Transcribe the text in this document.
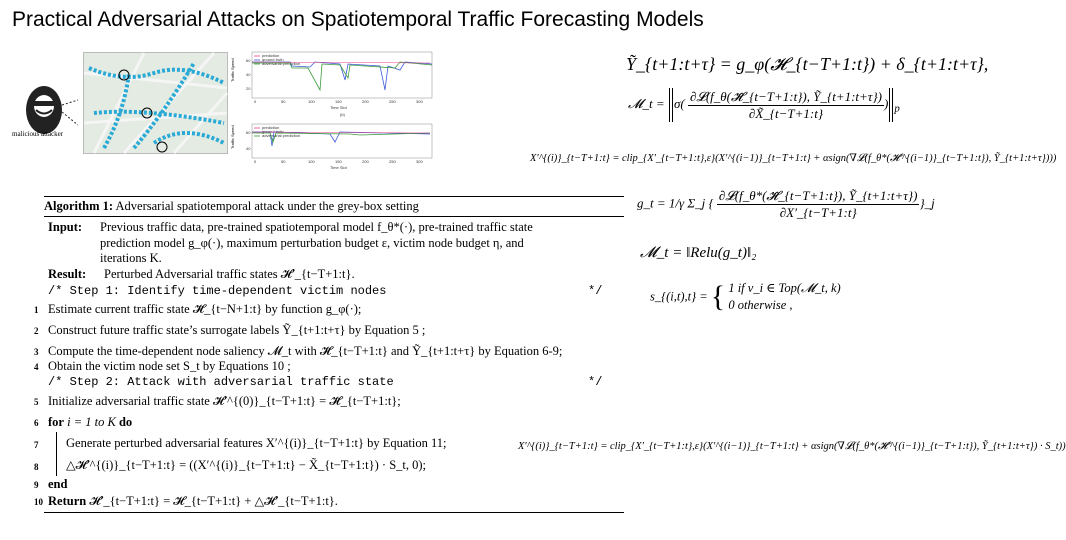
Practical Adversarial Attacks on Spatiotemporal Traffic Forecasting Models
malicious attacker
Traffic Speed
20
40
60
0	50	100	150	200	250	300
Time Slot
(b)
prediction
ground truth
adversarial prediction
Traffic Speed	40
60
0	50	100	150	200	250	300
Time Slot
prediction
ground truth
adversarial prediction
Ỹ_{t+1:t+τ} = g_φ(𝓗_{t−T+1:t}) + δ_{t+1:t+τ},
𝓜_t = $\sigma( \frac{\text{∂𝓛(f\_θ(𝓗̃\_\{t−T+1:t\}), Ỹ\_\{t+1:t+τ\})}}{\partial X̃\_\{t-T+1:t\}}$ ) $_p$
X′^{(i)}_{t−T+1:t} = clip_{X′_{t−T+1:t},ε}(X′^{(i−1)}_{t−T+1:t} + αsign(∇𝓛(f_θ*(𝓗′^{(i−1)}_{t−T+1:t}), Ỹ_{t+1:t+τ})))
g_t = 1/γ Σ_j { $\frac{\text{∂𝓛(f\_θ*(𝓗̃\_\{t−T+1:t\}), Ỹ\_\{t+1:t+τ\})}}{\partial X'\_\{t-T+1:t\}}$ }_j
𝓜_t = ‖Relu(g_t)‖₂
s_{(i,t),t} = { 1 if v_i ∈ Top(𝓜_t, k)
0 otherwise ,
X′^{(i)}_{t−T+1:t} = clip_{X′_{t−T+1:t},ε}(X′^{(i−1)}_{t−T+1:t} + αsign(∇𝓛(f_θ*(𝓗′^{(i−1)}_{t−T+1:t}), Ỹ_{t+1:t+τ}) · S_t))
Algorithm 1: Adversarial spatiotemporal attack under the grey-box setting
Input: Previous traffic data, pre-trained spatiotemporal model f_θ*(·), pre-trained traffic state
prediction model g_φ(·), maximum perturbation budget ε, victim node budget η, and
iterations K.
Result: Perturbed Adversarial traffic states 𝓗′_{t−T+1:t}.
/* Step 1: Identify time-dependent victim nodes	*/
1 Estimate current traffic state 𝓗̃_{t−N+1:t} by function g_φ(·);
2 Construct future traffic state’s surrogate labels Ỹ_{t+1:t+τ} by Equation 5 ;
3 Compute the time-dependent node saliency 𝓜_t with 𝓗̃_{t−T+1:t} and Ỹ_{t+1:t+τ} by Equation 6-9;
4 Obtain the victim node set S_t by Equations 10 ;
/* Step 2: Attack with adversarial traffic state	*/
5 Initialize adversarial traffic state 𝓗′^{(0)}_{t−T+1:t} = 𝓗̃_{t−T+1:t};
6 for i = 1 to K do
7 Generate perturbed adversarial features X′^{(i)}_{t−T+1:t} by Equation 11;
8 △𝓗′^{(i)}_{t−T+1:t} = ((X′^{(i)}_{t−T+1:t} − X̃_{t−T+1:t}) · S_t, 0);
9 end
10 Return 𝓗′_{t−T+1:t} = 𝓗_{t−T+1:t} + △𝓗′_{t−T+1:t}.
